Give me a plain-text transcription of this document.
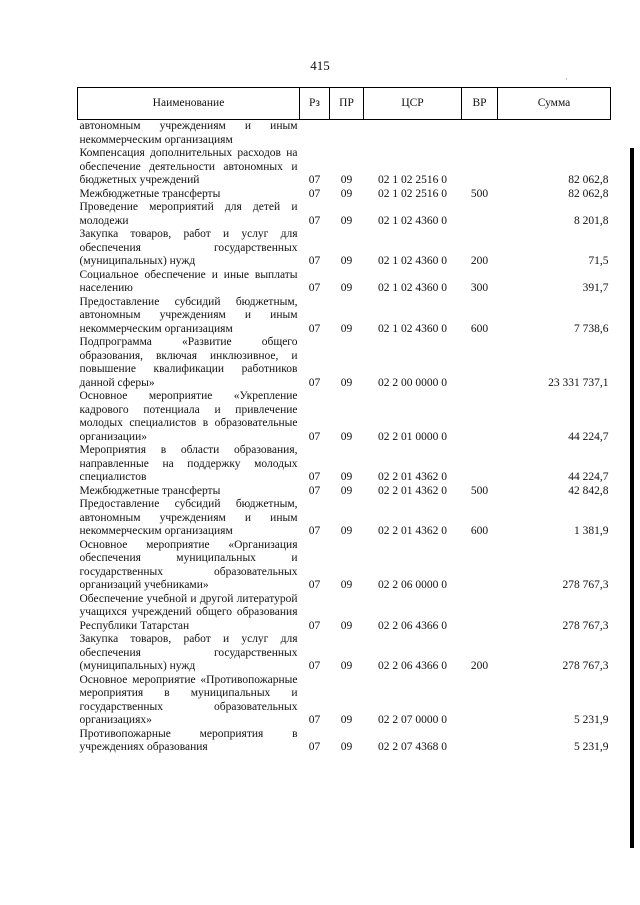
415
·
Наименование	Рз	ПР	ЦСР	ВР	Сумма
автономным учреждениям и иным некоммерческим организациям					
Компенсация дополнительных расходов на обеспечение деятельности автономных и бюджетных учреждений	07	09	02 1 02 2516 0		82 062,8
Межбюджетные трансферты	07	09	02 1 02 2516 0	500	82 062,8
Проведение мероприятий для детей и молодежи	07	09	02 1 02 4360 0		8 201,8
Закупка товаров, работ и услуг для обеспечения государственных (муниципальных) нужд	07	09	02 1 02 4360 0	200	71,5
Социальное обеспечение и иные выплаты населению	07	09	02 1 02 4360 0	300	391,7
Предоставление субсидий бюджетным, автономным учреждениям и иным некоммерческим организациям	07	09	02 1 02 4360 0	600	7 738,6
Подпрограмма «Развитие общего образования, включая инклюзивное, и повышение квалификации работников данной сферы»	07	09	02 2 00 0000 0		23 331 737,1
Основное мероприятие «Укрепление кадрового потенциала и привлечение молодых специалистов в образовательные организации»	07	09	02 2 01 0000 0		44 224,7
Мероприятия в области образования, направленные на поддержку молодых специалистов	07	09	02 2 01 4362 0		44 224,7
Межбюджетные трансферты	07	09	02 2 01 4362 0	500	42 842,8
Предоставление субсидий бюджетным, автономным учреждениям и иным некоммерческим организациям	07	09	02 2 01 4362 0	600	1 381,9
Основное мероприятие «Организация обеспечения муниципальных и государственных образовательных организаций учебниками»	07	09	02 2 06 0000 0		278 767,3
Обеспечение учебной и другой литературой учащихся учреждений общего образования Республики Татарстан	07	09	02 2 06 4366 0		278 767,3
Закупка товаров, работ и услуг для обеспечения государственных (муниципальных) нужд	07	09	02 2 06 4366 0	200	278 767,3
Основное мероприятие «Противопожарные мероприятия в муниципальных и государственных образовательных организациях»	07	09	02 2 07 0000 0		5 231,9
Противопожарные мероприятия в учреждениях образования	07	09	02 2 07 4368 0		5 231,9
